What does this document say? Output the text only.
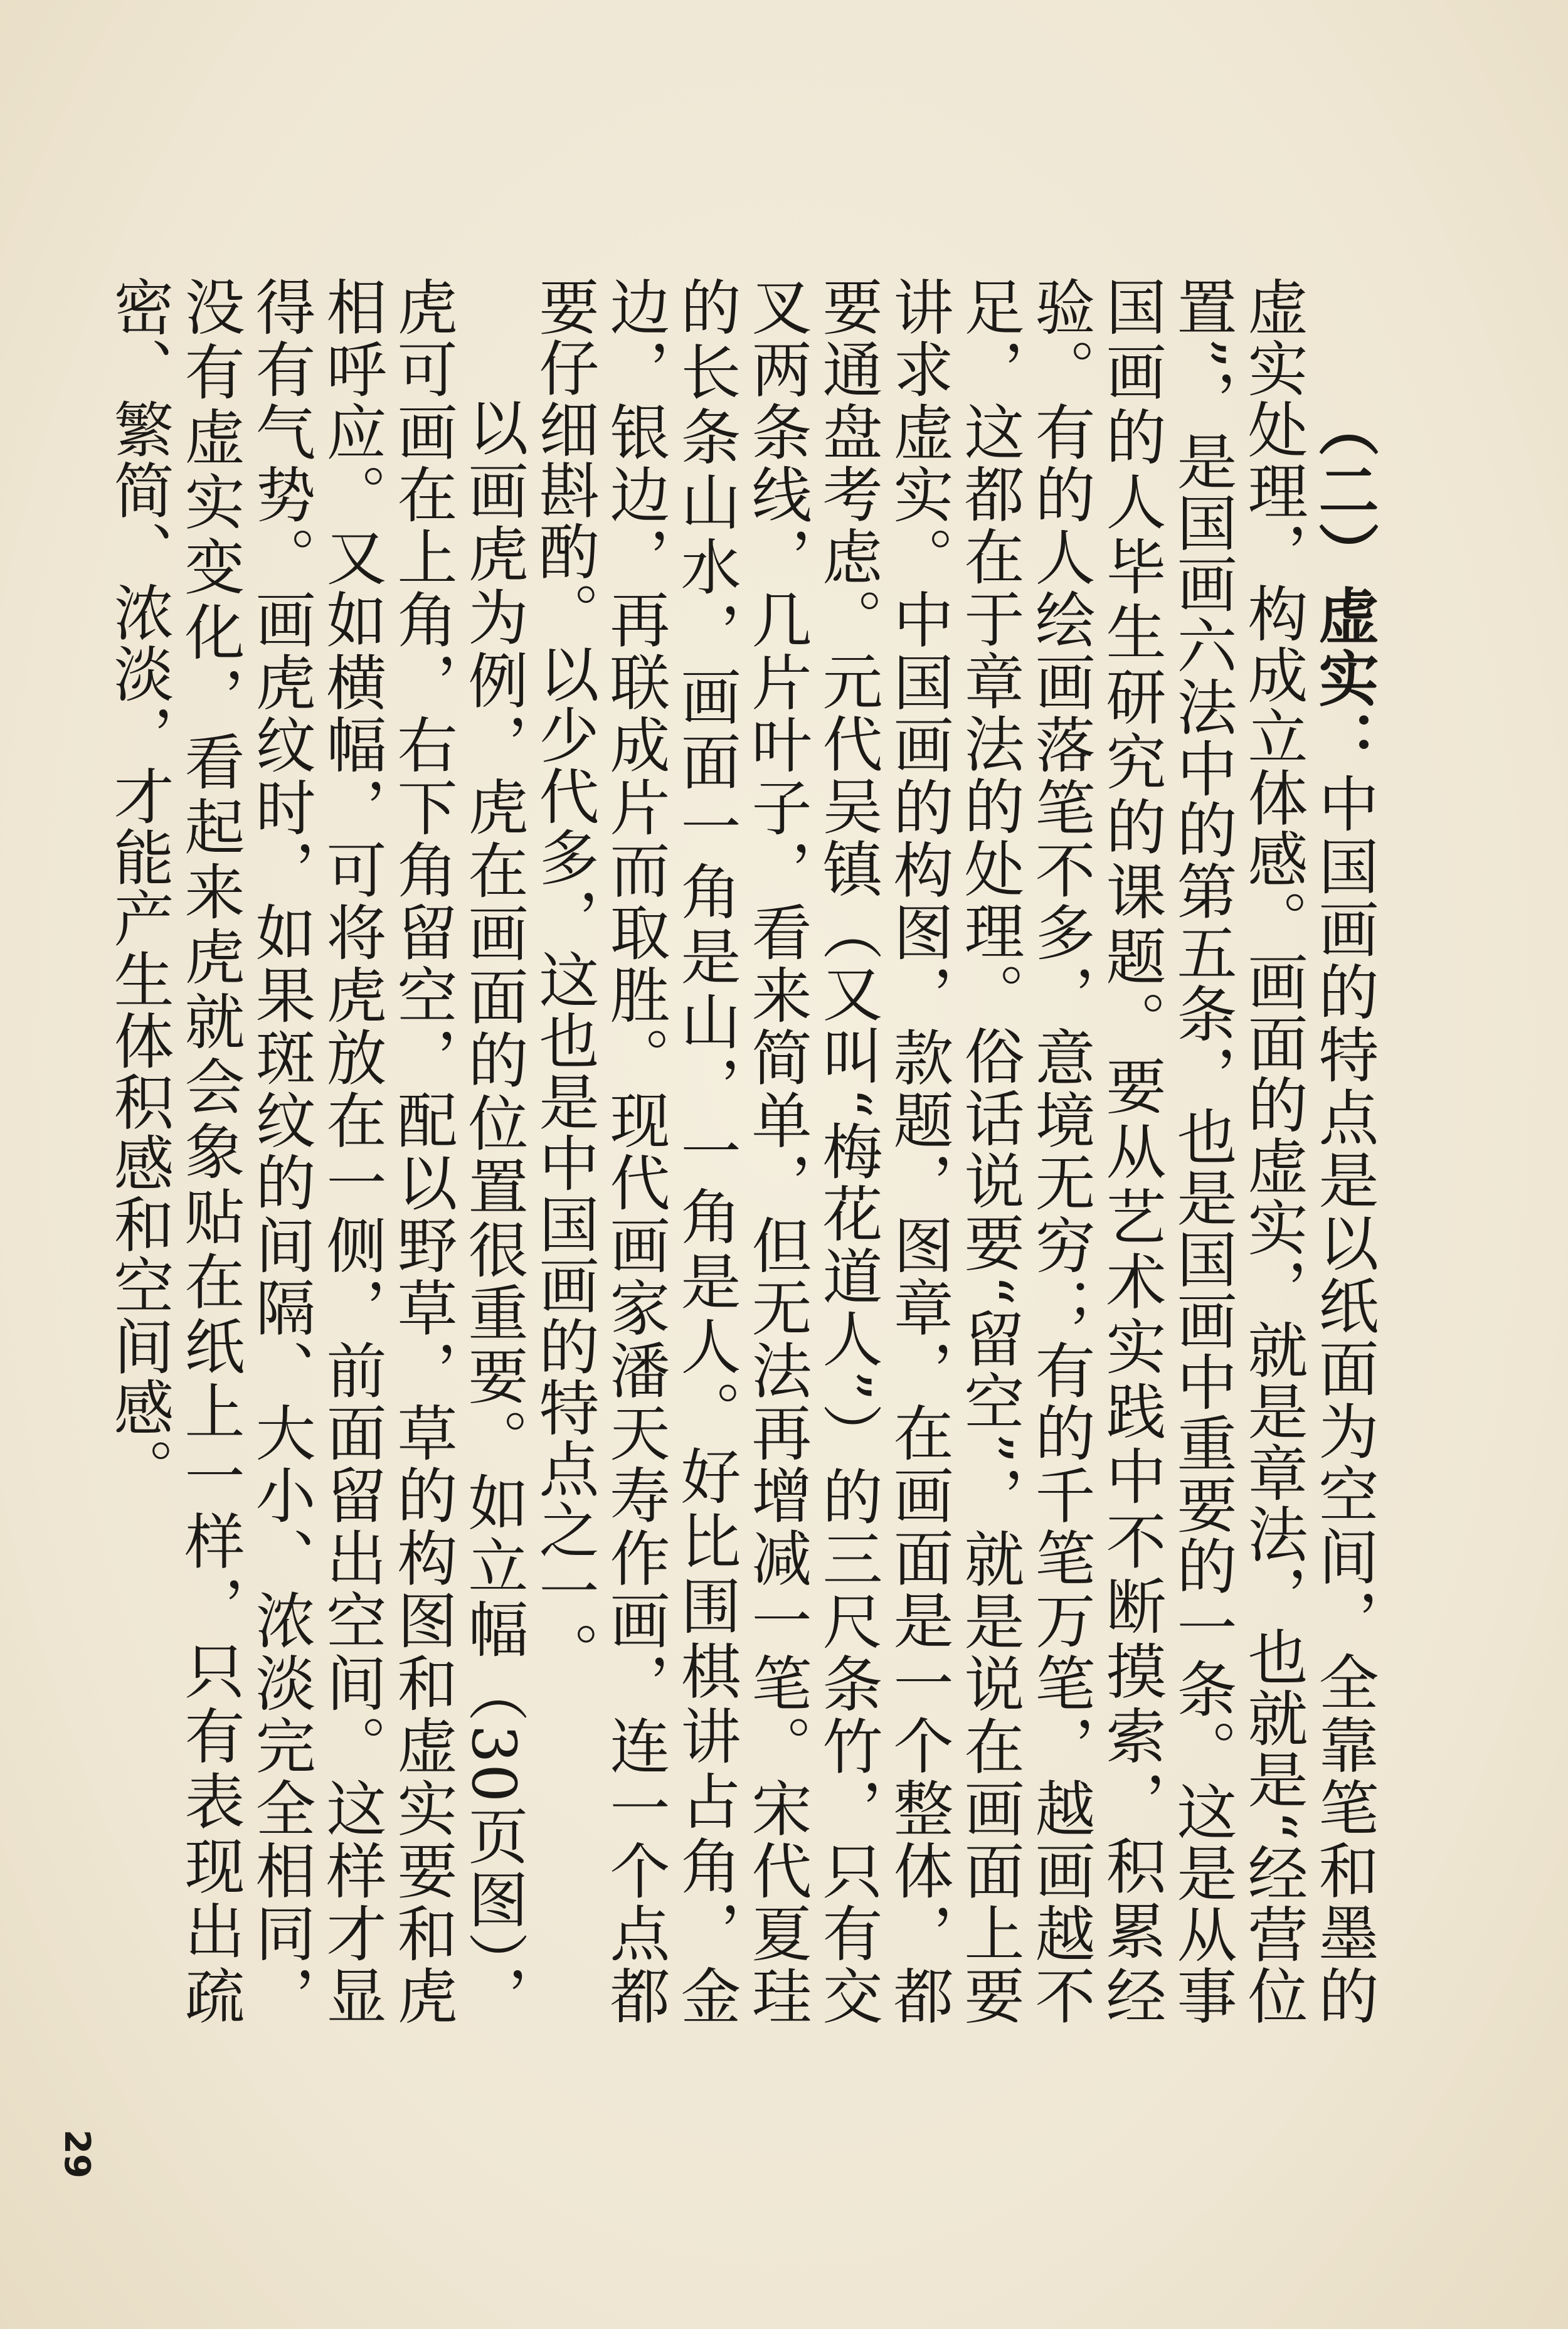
（二）虚实：中国画的特点是以纸面为空间，全靠笔和墨的虚实处理，构成立体感。画面的虚实，就是章法，也就是“经营位置”，是国画六法中的第五条，也是国画中重要的一条。这是从事国画的人毕生研究的课题。要从艺术实践中不断摸索，积累经验。有的人绘画落笔不多，意境无穷；有的千笔万笔，越画越不足，这都在于章法的处理。俗话说要“留空”，就是说在画面上要讲求虚实。中国画的构图，款题，图章，在画面是一个整体，都要通盘考虑。元代吴镇（又叫“梅花道人”）的三尺条竹，只有交叉两条线，几片叶子，看来简单，但无法再增减一笔。宋代夏珪的长条山水，画面一角是山，一角是人。好比围棋讲占角，金边，银边，再联成片而取胜。现代画家潘天寿作画，连一个点都要仔细斟酌。以少代多，这也是中国画的特点之一。

以画虎为例，虎在画面的位置很重要。如立幅（30页图），虎可画在上角，右下角留空，配以野草，草的构图和虚实要和虎相呼应。又如横幅，可将虎放在一侧，前面留出空间。这样才显得有气势。画虎纹时，如果斑纹的间隔、大小、浓淡完全相同，没有虚实变化，看起来虎就会象贴在纸上一样，只有表现出疏密、繁简、浓淡，才能产生体积感和空间感。

29
